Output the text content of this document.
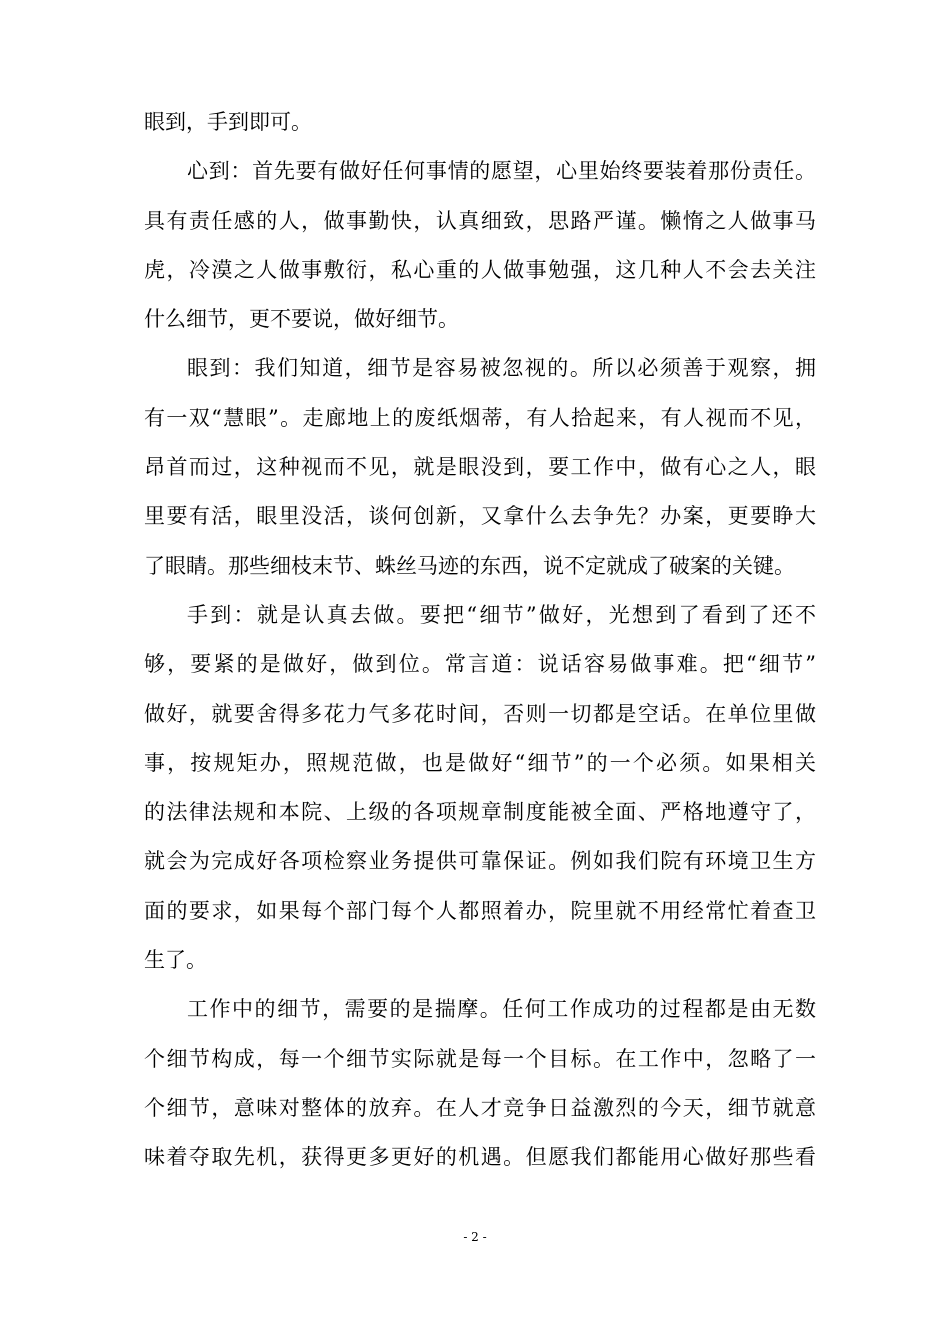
眼到，手到即可。
心到：首先要有做好任何事情的愿望，心里始终要装着那份责任。
具有责任感的人，做事勤快，认真细致，思路严谨。懒惰之人做事马
虎，冷漠之人做事敷衍，私心重的人做事勉强，这几种人不会去关注
什么细节，更不要说，做好细节。
眼到：我们知道，细节是容易被忽视的。所以必须善于观察，拥
有一双“慧眼”。走廊地上的废纸烟蒂，有人拾起来，有人视而不见，
昂首而过，这种视而不见，就是眼没到，要工作中，做有心之人，眼
里要有活，眼里没活，谈何创新，又拿什么去争先？办案，更要睁大
了眼睛。那些细枝末节、蛛丝马迹的东西，说不定就成了破案的关键。
手到：就是认真去做。要把“细节”做好，光想到了看到了还不
够，要紧的是做好，做到位。常言道：说话容易做事难。把“细节”
做好，就要舍得多花力气多花时间，否则一切都是空话。在单位里做
事，按规矩办，照规范做，也是做好“细节”的一个必须。如果相关
的法律法规和本院、上级的各项规章制度能被全面、严格地遵守了，
就会为完成好各项检察业务提供可靠保证。例如我们院有环境卫生方
面的要求，如果每个部门每个人都照着办，院里就不用经常忙着查卫
生了。
工作中的细节，需要的是揣摩。任何工作成功的过程都是由无数
个细节构成，每一个细节实际就是每一个目标。在工作中，忽略了一
个细节，意味对整体的放弃。在人才竞争日益激烈的今天，细节就意
味着夺取先机，获得更多更好的机遇。但愿我们都能用心做好那些看
- 2 -
